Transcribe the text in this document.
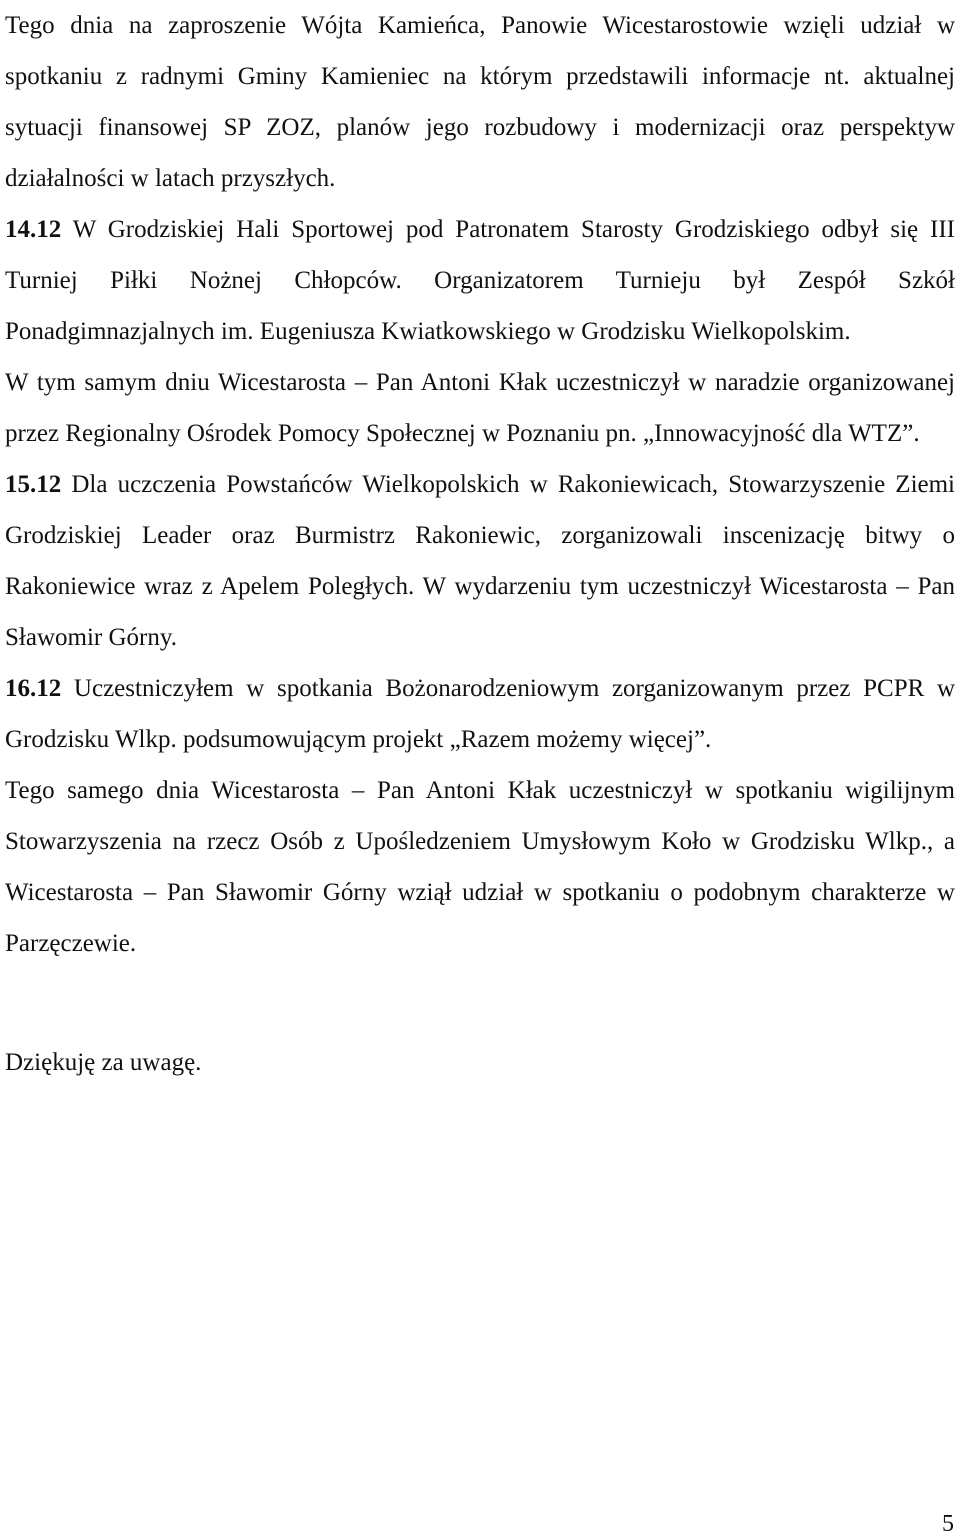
Tego dnia na zaproszenie Wójta Kamieńca, Panowie Wicestarostowie wzięli udział w spotkaniu z radnymi Gminy Kamieniec na którym przedstawili informacje nt. aktualnej sytuacji finansowej SP ZOZ, planów jego rozbudowy i modernizacji oraz perspektyw działalności w latach przyszłych.

14.12 W Grodziskiej Hali Sportowej pod Patronatem Starosty Grodziskiego odbył się III Turniej Piłki Nożnej Chłopców. Organizatorem Turnieju był Zespół Szkół Ponadgimnazjalnych im. Eugeniusza Kwiatkowskiego w Grodzisku Wielkopolskim.

W tym samym dniu Wicestarosta – Pan Antoni Kłak uczestniczył w naradzie organizowanej przez Regionalny Ośrodek Pomocy Społecznej w Poznaniu pn. „Innowacyjność dla WTZ”.

15.12 Dla uczczenia Powstańców Wielkopolskich w Rakoniewicach, Stowarzyszenie Ziemi Grodziskiej Leader oraz Burmistrz Rakoniewic, zorganizowali inscenizację bitwy o Rakoniewice wraz z Apelem Poległych. W wydarzeniu tym uczestniczył Wicestarosta – Pan Sławomir Górny.

16.12 Uczestniczyłem w spotkania Bożonarodzeniowym zorganizowanym przez PCPR w Grodzisku Wlkp. podsumowującym projekt „Razem możemy więcej”.

Tego samego dnia Wicestarosta – Pan Antoni Kłak uczestniczył w spotkaniu wigilijnym Stowarzyszenia na rzecz Osób z Upośledzeniem Umysłowym Koło w Grodzisku Wlkp., a Wicestarosta – Pan Sławomir Górny wziął udział w spotkaniu o podobnym charakterze w Parzęczewie.

Dziękuję za uwagę.

5
